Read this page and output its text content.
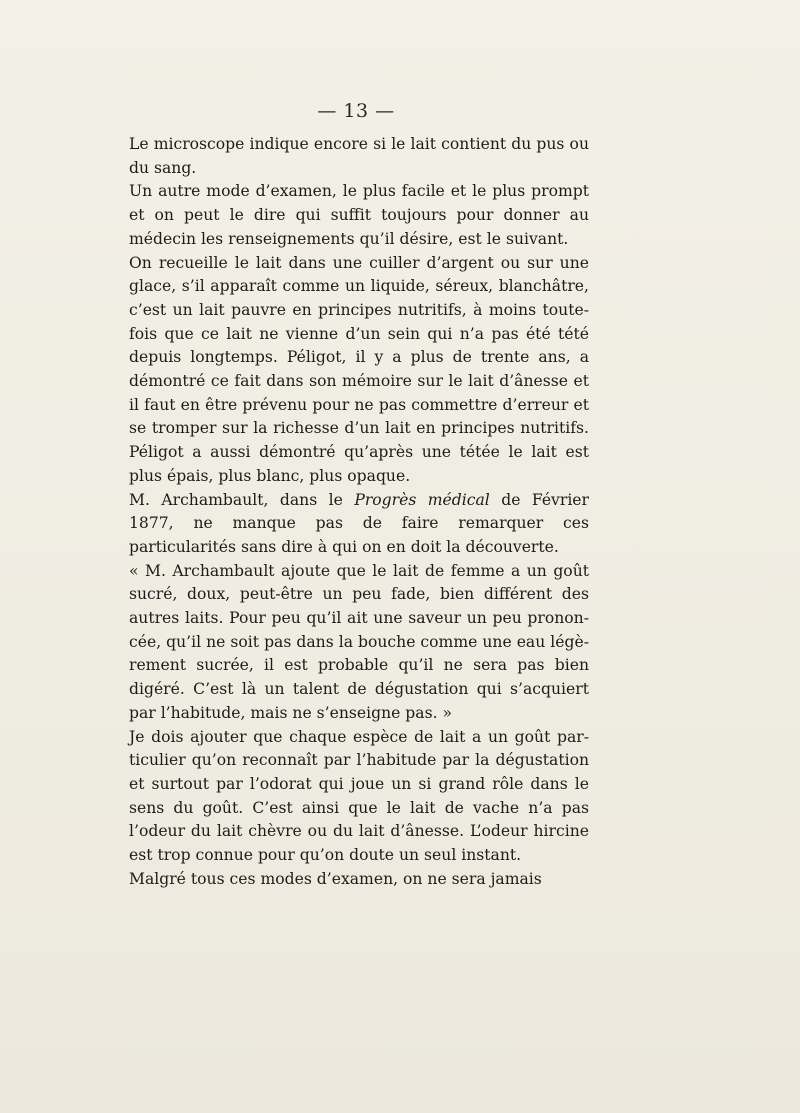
— 13 —

Le microscope indique encore si le lait contient du pus ou du sang.

Un autre mode d’examen, le plus facile et le plus prompt et on peut le dire qui suffit toujours pour donner au médecin les renseignements qu’il désire, est le suivant.

On recueille le lait dans une cuiller d’argent ou sur une glace, s’il apparaît comme un liquide, séreux, blanchâtre, c’est un lait pauvre en principes nutritifs, à moins toutefois que ce lait ne vienne d’un sein qui n’a pas été tété depuis longtemps. Péligot, il y a plus de trente ans, a démontré ce fait dans son mémoire sur le lait d’ânesse et il faut en être prévenu pour ne pas commettre d’erreur et se tromper sur la richesse d’un lait en principes nutritifs. Péligot a aussi démontré qu’après une tétée le lait est plus épais, plus blanc, plus opaque.

M. Archambault, dans le Progrès médical de Février 1877, ne manque pas de faire remarquer ces particularités sans dire à qui on en doit la découverte.

« M. Archambault ajoute que le lait de femme a un goût sucré, doux, peut-être un peu fade, bien différent des autres laits. Pour peu qu’il ait une saveur un peu prononcée, qu’il ne soit pas dans la bouche comme une eau légèrement sucrée, il est probable qu’il ne sera pas bien digéré. C’est là un talent de dégustation qui s’acquiert par l’habitude, mais ne s’enseigne pas. »

Je dois ajouter que chaque espèce de lait a un goût particulier qu’on reconnaît par l’habitude par la dégustation et surtout par l’odorat qui joue un si grand rôle dans le sens du goût. C’est ainsi que le lait de vache n’a pas l’odeur du lait chèvre ou du lait d’ânesse. L’odeur hircine est trop connue pour qu’on doute un seul instant.

Malgré tous ces modes d’examen, on ne sera jamais
